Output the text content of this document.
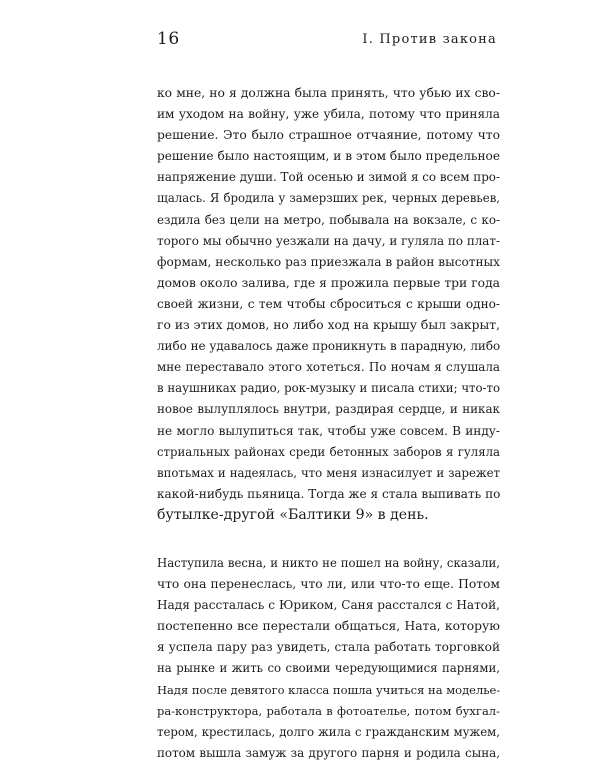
16	I. Против закона

ко мне, но я должна была принять, что убью их сво-
им уходом на войну, уже убила, потому что приняла
решение. Это было страшное отчаяние, потому что
решение было настоящим, и в этом было предельное
напряжение души. Той осенью и зимой я со всем про-
щалась. Я бродила у замерзших рек, черных деревьев,
ездила без цели на метро, побывала на вокзале, с ко-
торого мы обычно уезжали на дачу, и гуляла по плат-
формам, несколько раз приезжала в район высотных
домов около залива, где я прожила первые три года
своей жизни, с тем чтобы сброситься с крыши одно-
го из этих домов, но либо ход на крышу был закрыт,
либо не удавалось даже проникнуть в парадную, либо
мне переставало этого хотеться. По ночам я слушала
в наушниках радио, рок-музыку и писала стихи; что-то
новое вылуплялось внутри, раздирая сердце, и никак
не могло вылупиться так, чтобы уже совсем. В инду-
стриальных районах среди бетонных заборов я гуляла
впотьмах и надеялась, что меня изнасилует и зарежет
какой-нибудь пьяница. Тогда же я стала выпивать по
бутылке-другой «Балтики 9» в день.

Наступила весна, и никто не пошел на войну, сказали,
что она перенеслась, что ли, или что-то еще. Потом
Надя рассталась с Юриком, Саня расстался с Натой,
постепенно все перестали общаться, Ната, которую
я успела пару раз увидеть, стала работать торговкой
на рынке и жить со своими чередующимися парнями,
Надя после девятого класса пошла учиться на моделье-
ра-конструктора, работала в фотоателье, потом бухгал-
тером, крестилась, долго жила с гражданским мужем,
потом вышла замуж за другого парня и родила сына,
